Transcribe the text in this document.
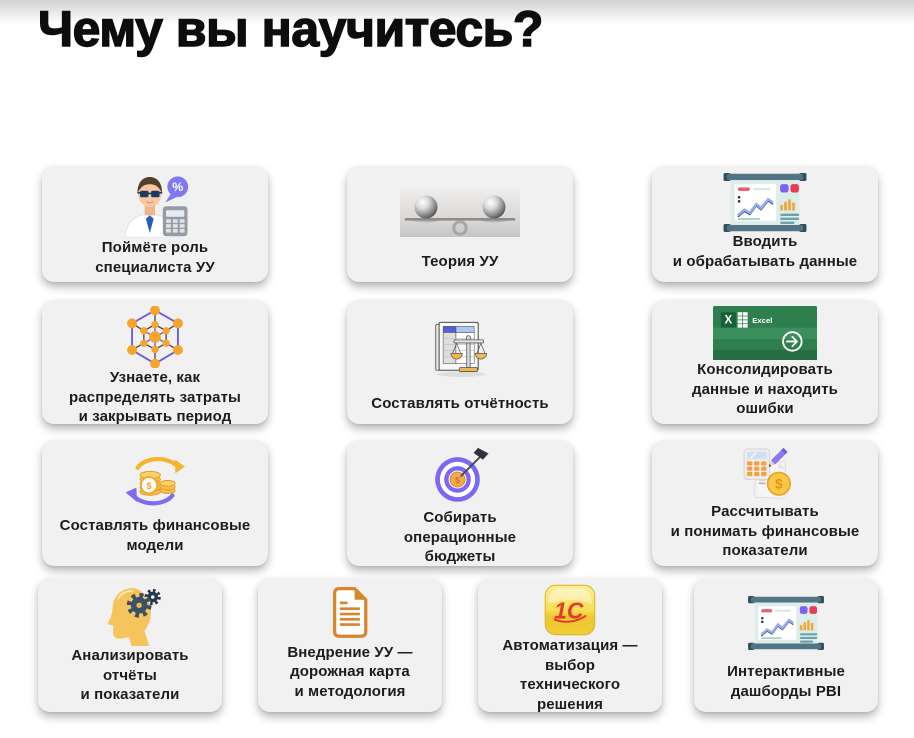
Чему вы научитесь?
Поймёте роль
специалиста УУ	Теория УУ
Вводить
и обрабатывать данные
Узнаете, как
распределять затраты
и закрывать период
Составлять отчётность
Консолидировать
данные и находить
ошибки
Составлять финансовые
модели
Собирать
операционные
бюджеты
Рассчитывать
и понимать финансовые
показатели
Анализировать
отчёты
и показатели
Внедрение УУ —
дорожная карта
и методология
Автоматизация —
выбор
технического
решения
Интерактивные
дашборды PBI
